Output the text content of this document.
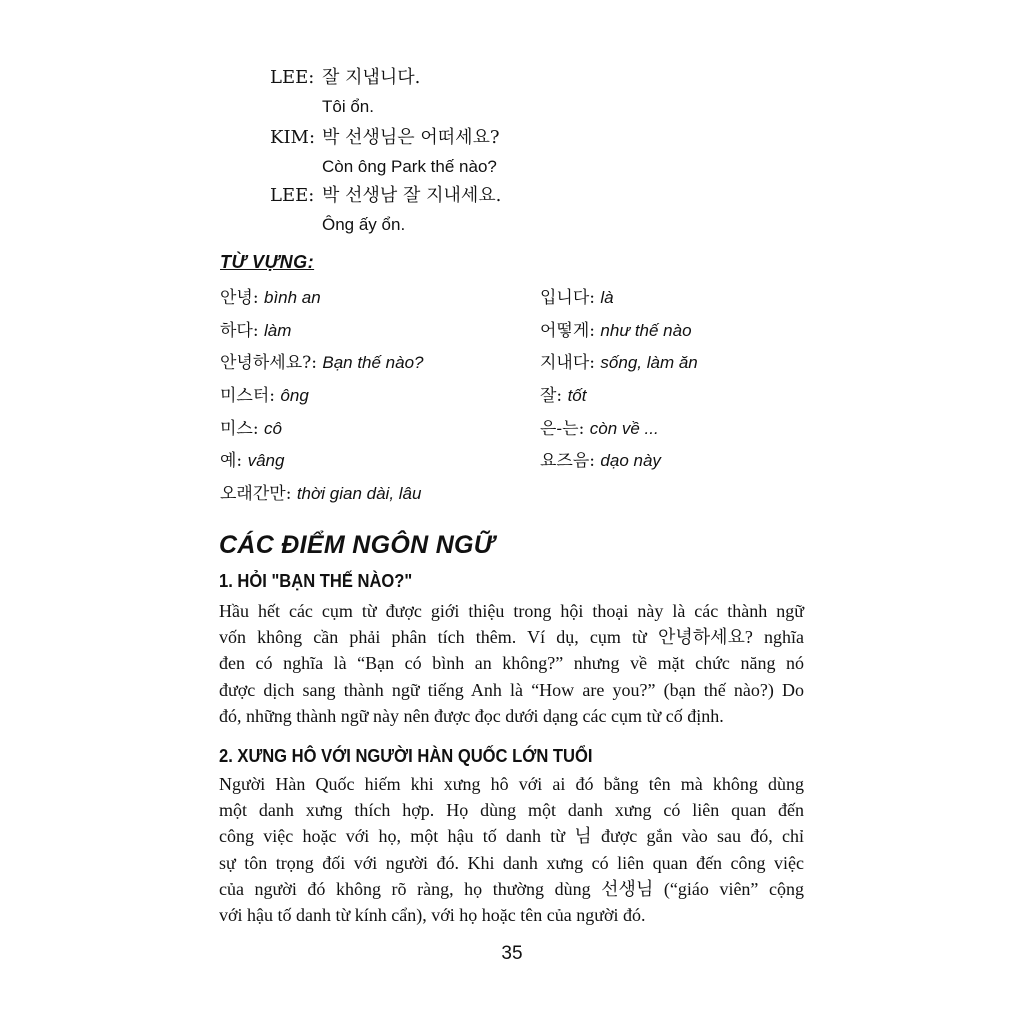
LEE: 잘 지냅니다.
Tôi ổn.
KIM: 박 선생님은 어떠세요?
Còn ông Park thế nào?
LEE: 박 선생남 잘 지내세요.
Ông ấy ổn.
TỪ VỰNG:
안녕: bình an
하다: làm
안녕하세요?: Bạn thế nào?
미스터: ông
미스: cô
예: vâng
오래간만: thời gian dài, lâu
입니다: là
어떻게: như thế nào
지내다: sống, làm ăn
잘: tốt
은-는: còn về ...
요즈음: dạo này
CÁC ĐIỂM NGÔN NGỮ
1. HỎI "BẠN THẾ NÀO?"
Hầu hết các cụm từ được giới thiệu trong hội thoại này là các thành ngữ
vốn không cần phải phân tích thêm. Ví dụ, cụm từ 안녕하세요? nghĩa
đen có nghĩa là “Bạn có bình an không?” nhưng về mặt chức năng nó
được dịch sang thành ngữ tiếng Anh là “How are you?” (bạn thế nào?) Do
đó, những thành ngữ này nên được đọc dưới dạng các cụm từ cố định.
2. XƯNG HÔ VỚI NGƯỜI HÀN QUỐC LỚN TUỔI
Người Hàn Quốc hiếm khi xưng hô với ai đó bằng tên mà không dùng
một danh xưng thích hợp. Họ dùng một danh xưng có liên quan đến
công việc hoặc với họ, một hậu tố danh từ 님 được gắn vào sau đó, chỉ
sự tôn trọng đối với người đó. Khi danh xưng có liên quan đến công việc
của người đó không rõ ràng, họ thường dùng 선생님 (“giáo viên” cộng
với hậu tố danh từ kính cẩn), với họ hoặc tên của người đó.
35
